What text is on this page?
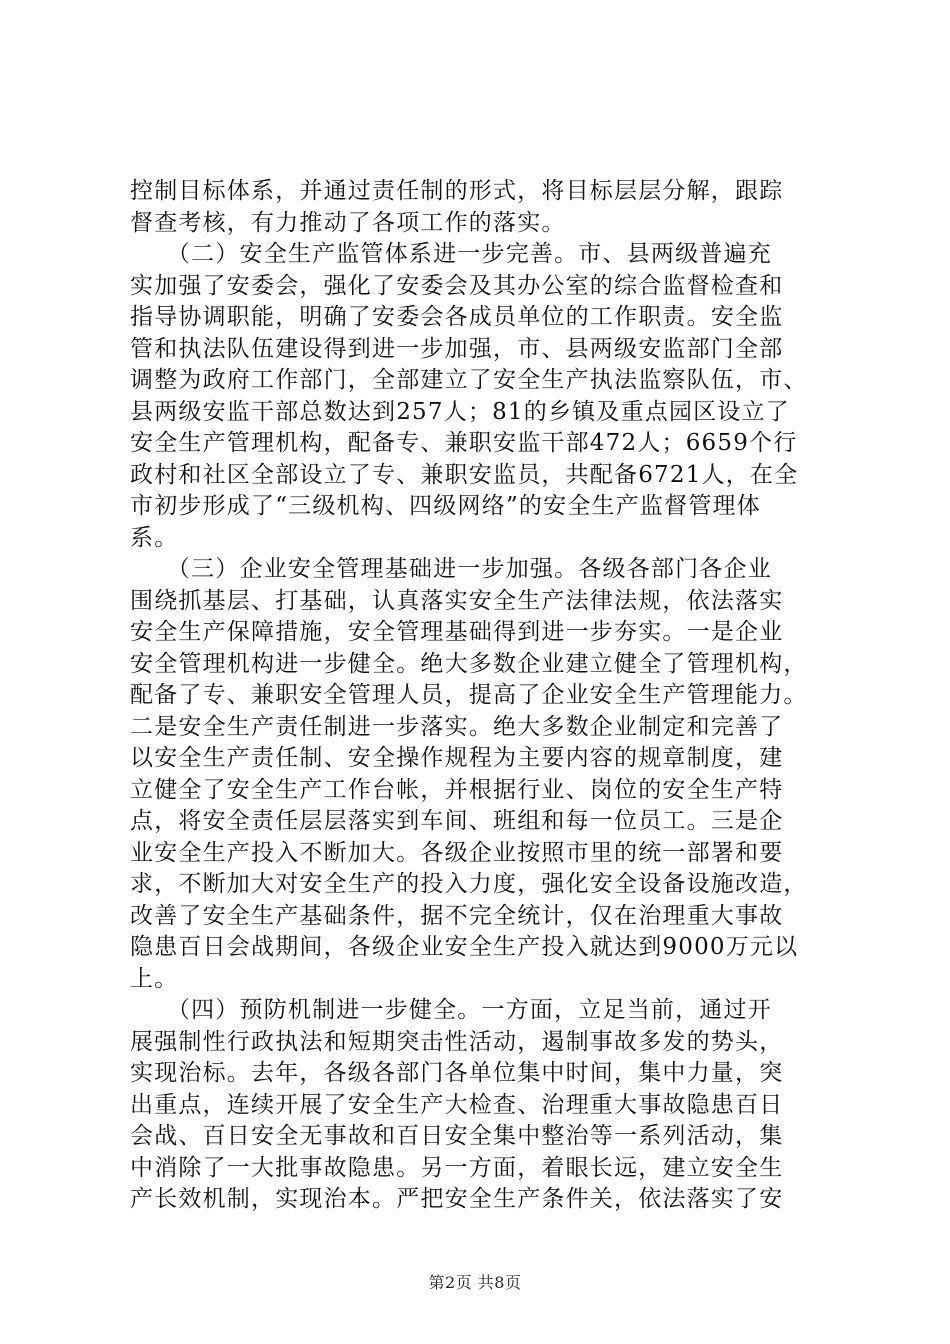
控制目标体系，并通过责任制的形式，将目标层层分解，跟踪
督查考核，有力推动了各项工作的落实。
　　（二）安全生产监管体系进一步完善。市、县两级普遍充
实加强了安委会，强化了安委会及其办公室的综合监督检查和
指导协调职能，明确了安委会各成员单位的工作职责。安全监
管和执法队伍建设得到进一步加强，市、县两级安监部门全部
调整为政府工作部门，全部建立了安全生产执法监察队伍，市、
县两级安监干部总数达到257人；81的乡镇及重点园区设立了
安全生产管理机构，配备专、兼职安监干部472人；6659个行
政村和社区全部设立了专、兼职安监员，共配备6721人，在全
市初步形成了“三级机构、四级网络”的安全生产监督管理体
系。
　　（三）企业安全管理基础进一步加强。各级各部门各企业
围绕抓基层、打基础，认真落实安全生产法律法规，依法落实
安全生产保障措施，安全管理基础得到进一步夯实。一是企业
安全管理机构进一步健全。绝大多数企业建立健全了管理机构，
配备了专、兼职安全管理人员，提高了企业安全生产管理能力。
二是安全生产责任制进一步落实。绝大多数企业制定和完善了
以安全生产责任制、安全操作规程为主要内容的规章制度，建
立健全了安全生产工作台帐，并根据行业、岗位的安全生产特
点，将安全责任层层落实到车间、班组和每一位员工。三是企
业安全生产投入不断加大。各级企业按照市里的统一部署和要
求，不断加大对安全生产的投入力度，强化安全设备设施改造，
改善了安全生产基础条件，据不完全统计，仅在治理重大事故
隐患百日会战期间，各级企业安全生产投入就达到9000万元以
上。
　　（四）预防机制进一步健全。一方面，立足当前，通过开
展强制性行政执法和短期突击性活动，遏制事故多发的势头，
实现治标。去年，各级各部门各单位集中时间，集中力量，突
出重点，连续开展了安全生产大检查、治理重大事故隐患百日
会战、百日安全无事故和百日安全集中整治等一系列活动，集
中消除了一大批事故隐患。另一方面，着眼长远，建立安全生
产长效机制，实现治本。严把安全生产条件关，依法落实了安
第2页 共8页
